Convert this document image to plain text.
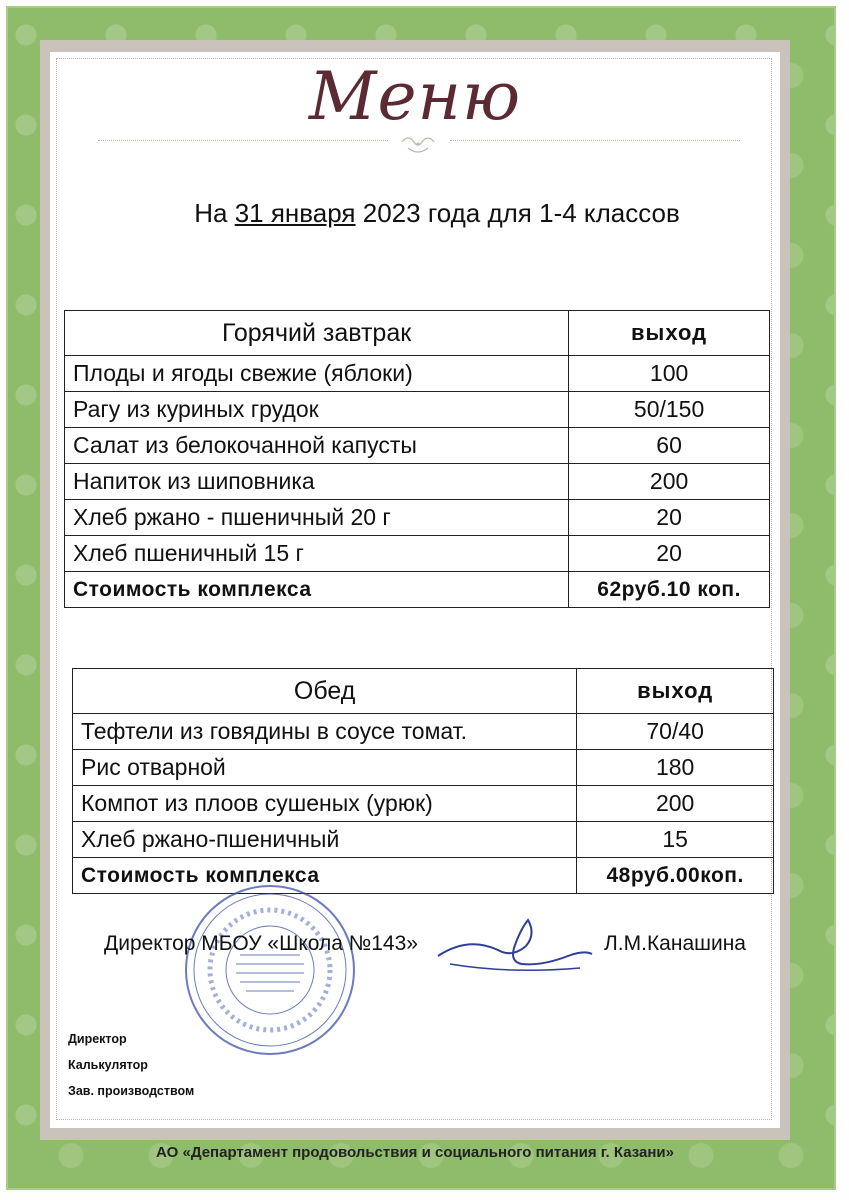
Меню
На 31 января 2023 года для 1-4 классов
Горячий завтрак	выход
Плоды и ягоды свежие (яблоки)	100
Рагу из куриных грудок	50/150
Салат из белокочанной капусты	60
Напиток из шиповника	200
Хлеб ржано - пшеничный 20 г	20
Хлеб пшеничный 15 г	20
Стоимость комплекса	62руб.10 коп.
Обед	выход
Тефтели из говядины в соусе томат.	70/40
Рис отварной	180
Компот из плоов сушеных (урюк)	200
Хлеб ржано-пшеничный	15
Стоимость комплекса	48руб.00коп.
Директор МБОУ «Школа №143»	Л.М.Канашина
Директор
Калькулятор
Зав. производством
АО «Департамент продовольствия и социального питания г. Казани»
